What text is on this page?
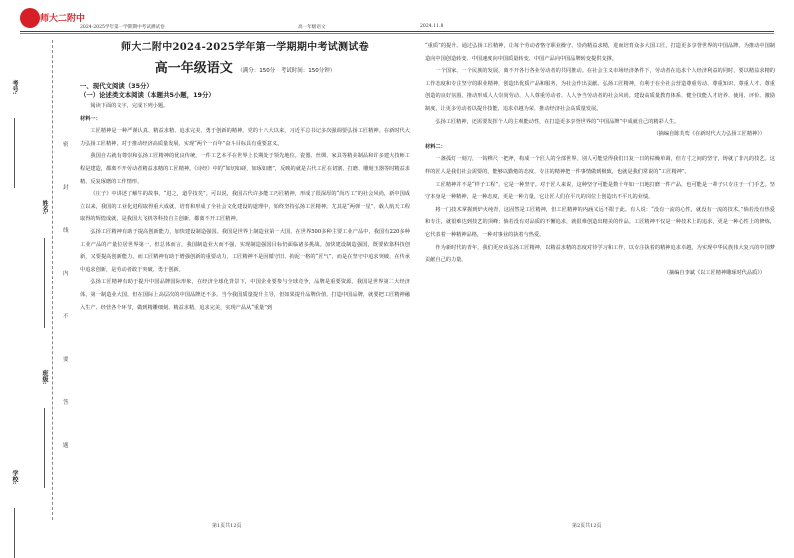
师大二附中
2024-2025学年第一学期期中考试测试卷	高一年级语文	2024.11.8
考号:
姓名:
班级:
学校:
密
封
线
内
不
要
答
题
师大二附中2024-2025学年第一学期期中考试测试卷
高一年级语文 （满分：150分　考试时间：150分钟）
一、现代文阅读（35分）
（一）论述类文本阅读（本题共5小题，19分）

阅读下面的文字，完成下列小题。

材料一：

工匠精神是一种严谨认真、精益求精、追求完美、勇于创新的精神。党的十八大以来，习近平总书记多次强调要弘扬工匠精神。在新时代大力弘扬工匠精神，对于推动经济高质量发展、实现“两个一百年”奋斗目标具有重要意义。

我国自古就有尊崇和弘扬工匠精神的优良传统，一件工艺本平在世界上长期处于领先地位。瓷器、丝绸、家具等精美制品和许多建大技师工程是建造，都离不开劳动者精益求精的工匠精神。《诗经》中的“如切如磋，如琢如磨”，反映的就是古代工匠在切割、打磨、雕刻玉器等时精益求精、反复琢磨的工作情形。

《庄子》中讲述了解牛的故事，“进之，道乎技矣”。可以说，我国古代许多能工巧匠精神，形成了很深厚的“尚巧工”的社会风尚，新中国成立以来，我国的工业化进程取得重大成就，培育和形成了全社会文化建设的道理中，始终坚持弘扬工匠精神。尤其是“两弹一星”、载人航天工程取得的辉煌成就，是我国大飞机等科技自主创新，都离不开工匠精神。

弘扬工匠精神有助于提高创新能力，加快建设制造强国。我国是世界上制造业第一大国，在世界500多种主要工业产品中，我国有220多种工业产品的产量位居世界第一，但总体而言，我国制造业大而不强，实现制造强国目标仍面临诸多挑战。加快建设制造强国，既要依靠科技创新，又要提高创新能力，而工匠精神有助于增强创新的重要动力，工匠精神不是因循守旧、拘泥一格的“匠气”，而是在坚守中追求突破，在传承中追求创新，是劳动者敢于突破、勇于创新。

弘扬工匠精神有助于提升中国品牌国际形象，在经济全球化背景下，中国企业要参与全球竞争，品牌是重要资源。我国是世界第二大经济体，第一制造业大国，但在国际上高层次的中国品牌还不多。当今我国质量提升主导，但如果提升品牌价值，打造中国品牌，就要把工匠精神融入生产、经营各个环节，做到精雕细刻、精益求精，追求完美，实现产品从“重量”到

“重质”的提升。通过弘扬工匠精神，让每个劳动者恪守职业操守、崇尚精益求精，进而培育众多大国工匠，打造更多享誉世界的中国品牌，为推动中国制造向中国创造转变、中国速度向中国质量转变、中国产品向中国品牌转变提供支撑。

一个国家、一个民族的发展，离不开各行各业劳动者的共同推动。在社会主义市场经济条件下，劳动者在追求个人经济利益的同时，要以精益求精的工作态度和专注坚守的职业精神，创造出优质产品和服务，为社会作出贡献。弘扬工匠精神，有利于在全社会营造尊重劳动、尊重知识、尊重人才、尊重创造的良好氛围，推动形成人人崇尚劳动、人人尊重劳动者、人人争当劳动者的社会风尚。建设高质量教育体系、健全技能人才培养、使用、评价、激励制度，让更多劳动者以提升技能、追求卓越为荣，推动经济社会高质量发展。

弘扬工匠精神，还需要发挥个人的主观能动性，在打造更多享誉世界的“中国品牌”中成就自己的精彩人生。

（摘编自陈芙鸾《在新时代大力弘扬工匠精神》）

材料二：

一盏孤灯一刻刀，一钩榫尺一把斧，构成一个匠人的全部世界。别人可能觉得我们日复一日的枯燥单调，但方寸之间的坚守，铸就了非凡的技艺。这样的匠人是我们社会需要的，能够以勤勉的态度、专注的精神把一件事情做到极致，也就是我们常说的“工匠精神”。

工匠精神并不是“样子工程”，它是一种坚守。对于匠人来说，这种坚守可能是数十年如一日地打磨一件产品，也可能是一辈子只专注于一门手艺。坚守本身是一种精神，是一种态度，更是一种力量，它让匠人们在平凡的岗位上创造出不平凡的业绩。

将一门技术掌握到炉火纯青，这固然是工匠精神，但工匠精神的内涵又远不限于此。有人说：“没有一流的心性，就没有一流的技术。”倘若没有热爱和专注，就很难达到技艺的顶峰；倘若没有对品质的不懈追求，就很难创造出精美的作品。工匠精神不仅是一种技术上的追求，更是一种心性上的修炼，它代表着一种精神品格，一种对事业的执着与热爱。

作为新时代的青年，我们更应该弘扬工匠精神，以精益求精的态度对待学习和工作，以专注执着的精神追求卓越，为实现中华民族伟大复兴的中国梦贡献自己的力量。

（摘编自李斌《以工匠精神雕琢时代品质》）

第1页共12页	第2页共12页
